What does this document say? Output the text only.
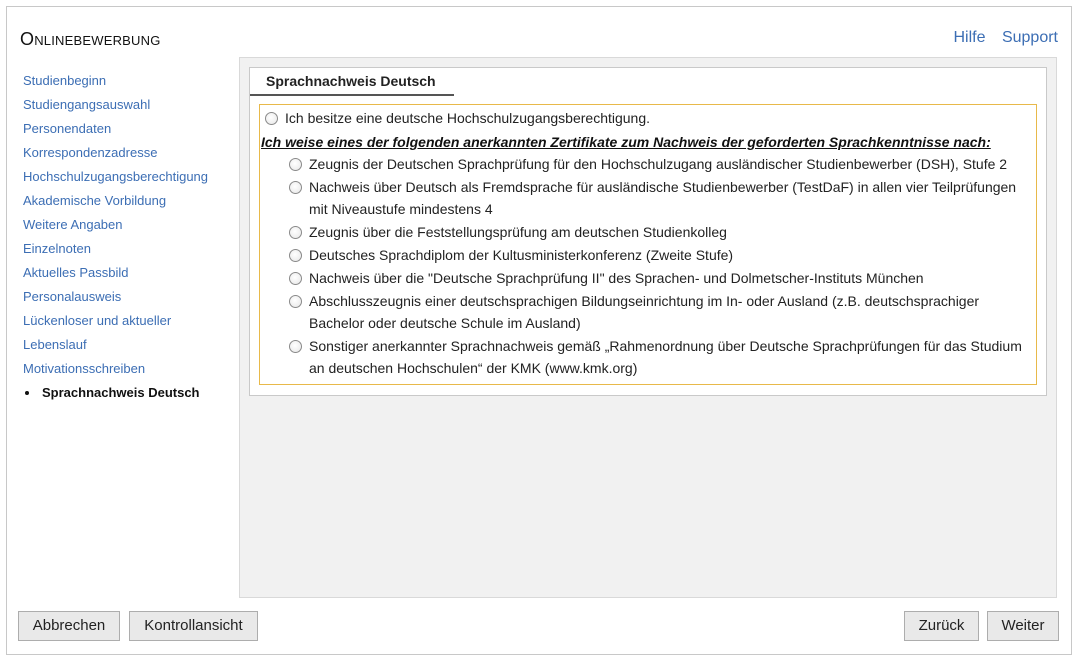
Onlinebewerbung	Hilfe Support
Studienbeginn
Studiengangsauswahl
Personendaten
Korrespondenzadresse
Hochschulzugangsberechtigung
Akademische Vorbildung
Weitere Angaben
Einzelnoten
Aktuelles Passbild
Personalausweis
Lückenloser und aktueller
Lebenslauf
Motivationsschreiben
Sprachnachweis Deutsch
Sprachnachweis Deutsch
Ich besitze eine deutsche Hochschulzugangsberechtigung.
Ich weise eines der folgenden anerkannten Zertifikate zum Nachweis der geforderten Sprachkenntnisse nach:
Zeugnis der Deutschen Sprachprüfung für den Hochschulzugang ausländischer Studienbewerber (DSH), Stufe 2
Nachweis über Deutsch als Fremdsprache für ausländische Studienbewerber (TestDaF) in allen vier Teilprüfungen mit Niveaustufe mindestens 4
Zeugnis über die Feststellungsprüfung am deutschen Studienkolleg
Deutsches Sprachdiplom der Kultusministerkonferenz (Zweite Stufe)
Nachweis über die "Deutsche Sprachprüfung II" des Sprachen- und Dolmetscher-Instituts München
Abschlusszeugnis einer deutschsprachigen Bildungseinrichtung im In- oder Ausland (z.B. deutschsprachiger Bachelor oder deutsche Schule im Ausland)
Sonstiger anerkannter Sprachnachweis gemäß „Rahmenordnung über Deutsche Sprachprüfungen für das Studium an deutschen Hochschulen“ der KMK (www.kmk.org)
Abbrechen	Kontrollansicht	Zurück	Weiter
